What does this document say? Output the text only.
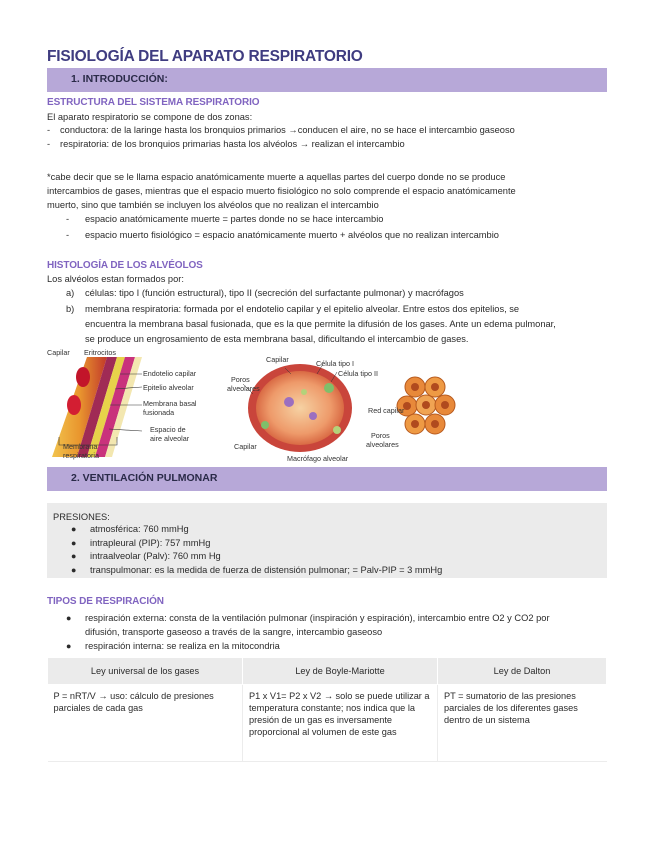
FISIOLOGÍA DEL APARATO RESPIRATORIO
1. INTRODUCCIÓN:
ESTRUCTURA DEL SISTEMA RESPIRATORIO
El aparato respiratorio se compone de dos zonas:
- conductora: de la laringe hasta los bronquios primarios →conducen el aire, no se hace el intercambio gaseoso
- respiratoria: de los bronquios primarias hasta los alvéolos → realizan el intercambio
*cabe decir que se le llama espacio anatómicamente muerte a aquellas partes del cuerpo donde no se produce
intercambios de gases, mientras que el espacio muerto fisiológico no solo comprende el espacio anatómicamente
muerto, sino que también se incluyen los alvéolos que no realizan el intercambio
- espacio anatómicamente muerte = partes donde no se hace intercambio
- espacio muerto fisiológico = espacio anatómicamente muerto + alvéolos que no realizan intercambio
HISTOLOGÍA DE LOS ALVÉOLOS
Los alvéolos estan formados por:
a) células: tipo I (función estructural), tipo II (secreción del surfactante pulmonar) y macrófagos
b) membrana respiratoria: formada por el endotelio capilar y el epitelio alveolar. Entre estos dos epitelios, se
encuentra la membrana basal fusionada, que es la que permite la difusión de los gases. Ante un edema pulmonar,
se produce un engrosamiento de esta membrana basal, dificultando el intercambio de gases.
Capilar Eritrocitos
Endotelio capilar
Epitelio alveolar
Membrana basal
fusionada
Espacio de
aire alveolar
Membrana
respiratoria
Capilar	Célula tipo I
Célula tipo II
Poros
alveolares
Capilar
Macrófago alveolar
Red capilar
Poros
alveolares
2. VENTILACIÓN PULMONAR
PRESIONES:
● atmosférica: 760 mmHg
● intrapleural (PIP): 757 mmHg
● intraalveolar (Palv): 760 mm Hg
● transpulmonar: es la medida de fuerza de distensión pulmonar; = Palv-PIP = 3 mmHg
TIPOS DE RESPIRACIÓN
● respiración externa: consta de la ventilación pulmonar (inspiración y espiración), intercambio entre O2 y CO2 por
difusión, transporte gaseoso a través de la sangre, intercambio gaseoso
● respiración interna: se realiza en la mitocondria
Ley universal de los gases	Ley de Boyle-Mariotte	Ley de Dalton
P = nRT/V → uso: cálculo de presiones parciales de cada gas	P1 x V1= P2 x V2 → solo se puede utilizar a temperatura constante; nos indica que la presión de un gas es inversamente proporcional al volumen de este gas	PT = sumatorio de las presiones parciales de los diferentes gases dentro de un sistema
